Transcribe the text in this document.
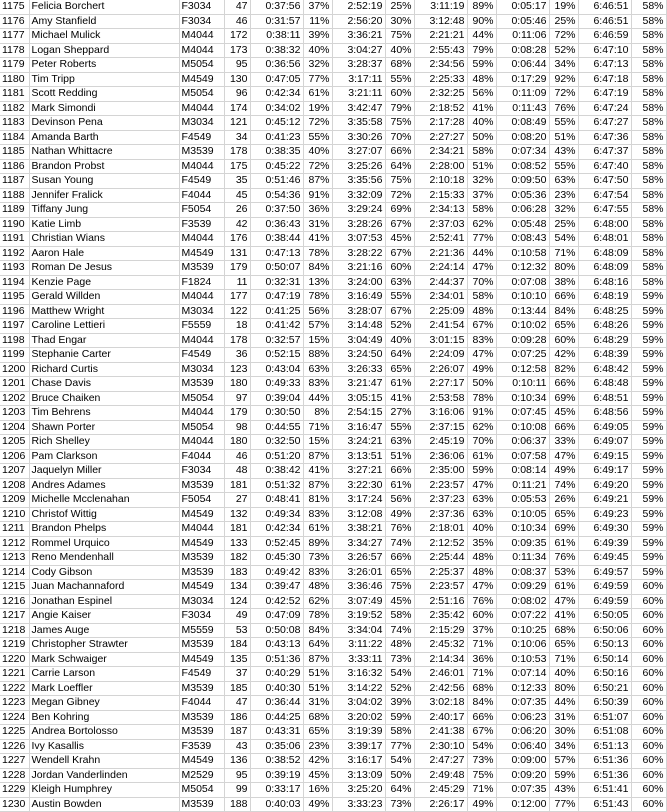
1175	Felicia Borchert	F3034	47	0:37:56	37%	2:52:19	25%	3:11:19	89%	0:05:17	19%	6:46:51	58%
1176	Amy Stanfield	F3034	46	0:31:57	11%	2:56:20	30%	3:12:48	90%	0:05:46	25%	6:46:51	58%
1177	Michael Mulick	M4044	172	0:38:11	39%	3:36:21	75%	2:21:21	44%	0:11:06	72%	6:46:59	58%
1178	Logan Sheppard	M4044	173	0:38:32	40%	3:04:27	40%	2:55:43	79%	0:08:28	52%	6:47:10	58%
1179	Peter Roberts	M5054	95	0:36:56	32%	3:28:37	68%	2:34:56	59%	0:06:44	34%	6:47:13	58%
1180	Tim Tripp	M4549	130	0:47:05	77%	3:17:11	55%	2:25:33	48%	0:17:29	92%	6:47:18	58%
1181	Scott Redding	M5054	96	0:42:34	61%	3:21:11	60%	2:32:25	56%	0:11:09	72%	6:47:19	58%
1182	Mark Simondi	M4044	174	0:34:02	19%	3:42:47	79%	2:18:52	41%	0:11:43	76%	6:47:24	58%
1183	Devinson Pena	M3034	121	0:45:12	72%	3:35:58	75%	2:17:28	40%	0:08:49	55%	6:47:27	58%
1184	Amanda Barth	F4549	34	0:41:23	55%	3:30:26	70%	2:27:27	50%	0:08:20	51%	6:47:36	58%
1185	Nathan Whittacre	M3539	178	0:38:35	40%	3:27:07	66%	2:34:21	58%	0:07:34	43%	6:47:37	58%
1186	Brandon Probst	M4044	175	0:45:22	72%	3:25:26	64%	2:28:00	51%	0:08:52	55%	6:47:40	58%
1187	Susan Young	F4549	35	0:51:46	87%	3:35:56	75%	2:10:18	32%	0:09:50	63%	6:47:50	58%
1188	Jennifer Fralick	F4044	45	0:54:36	91%	3:32:09	72%	2:15:33	37%	0:05:36	23%	6:47:54	58%
1189	Tiffany Jung	F5054	26	0:37:50	36%	3:29:24	69%	2:34:13	58%	0:06:28	32%	6:47:55	58%
1190	Katie Limb	F3539	42	0:36:43	31%	3:28:26	67%	2:37:03	62%	0:05:48	25%	6:48:00	58%
1191	Christian Wians	M4044	176	0:38:44	41%	3:07:53	45%	2:52:41	77%	0:08:43	54%	6:48:01	58%
1192	Aaron Hale	M4549	131	0:47:13	78%	3:28:22	67%	2:21:36	44%	0:10:58	71%	6:48:09	58%
1193	Roman De Jesus	M3539	179	0:50:07	84%	3:21:16	60%	2:24:14	47%	0:12:32	80%	6:48:09	58%
1194	Kenzie Page	F1824	11	0:32:31	13%	3:24:00	63%	2:44:37	70%	0:07:08	38%	6:48:16	58%
1195	Gerald Willden	M4044	177	0:47:19	78%	3:16:49	55%	2:34:01	58%	0:10:10	66%	6:48:19	59%
1196	Matthew Wright	M3034	122	0:41:25	56%	3:28:07	67%	2:25:09	48%	0:13:44	84%	6:48:25	59%
1197	Caroline Lettieri	F5559	18	0:41:42	57%	3:14:48	52%	2:41:54	67%	0:10:02	65%	6:48:26	59%
1198	Thad Engar	M4044	178	0:32:57	15%	3:04:49	40%	3:01:15	83%	0:09:28	60%	6:48:29	59%
1199	Stephanie Carter	F4549	36	0:52:15	88%	3:24:50	64%	2:24:09	47%	0:07:25	42%	6:48:39	59%
1200	Richard Curtis	M3034	123	0:43:04	63%	3:26:33	65%	2:26:07	49%	0:12:58	82%	6:48:42	59%
1201	Chase Davis	M3539	180	0:49:33	83%	3:21:47	61%	2:27:17	50%	0:10:11	66%	6:48:48	59%
1202	Bruce Chaiken	M5054	97	0:39:04	44%	3:05:15	41%	2:53:58	78%	0:10:34	69%	6:48:51	59%
1203	Tim Behrens	M4044	179	0:30:50	8%	2:54:15	27%	3:16:06	91%	0:07:45	45%	6:48:56	59%
1204	Shawn Porter	M5054	98	0:44:55	71%	3:16:47	55%	2:37:15	62%	0:10:08	66%	6:49:05	59%
1205	Rich Shelley	M4044	180	0:32:50	15%	3:24:21	63%	2:45:19	70%	0:06:37	33%	6:49:07	59%
1206	Pam Clarkson	F4044	46	0:51:20	87%	3:13:51	51%	2:36:06	61%	0:07:58	47%	6:49:15	59%
1207	Jaquelyn Miller	F3034	48	0:38:42	41%	3:27:21	66%	2:35:00	59%	0:08:14	49%	6:49:17	59%
1208	Andres Adames	M3539	181	0:51:32	87%	3:22:30	61%	2:23:57	47%	0:11:21	74%	6:49:20	59%
1209	Michelle Mcclenahan	F5054	27	0:48:41	81%	3:17:24	56%	2:37:23	63%	0:05:53	26%	6:49:21	59%
1210	Christof Wittig	M4549	132	0:49:34	83%	3:12:08	49%	2:37:36	63%	0:10:05	65%	6:49:23	59%
1211	Brandon Phelps	M4044	181	0:42:34	61%	3:38:21	76%	2:18:01	40%	0:10:34	69%	6:49:30	59%
1212	Rommel Urquico	M4549	133	0:52:45	89%	3:34:27	74%	2:12:52	35%	0:09:35	61%	6:49:39	59%
1213	Reno Mendenhall	M3539	182	0:45:30	73%	3:26:57	66%	2:25:44	48%	0:11:34	76%	6:49:45	59%
1214	Cody Gibson	M3539	183	0:49:42	83%	3:26:01	65%	2:25:37	48%	0:08:37	53%	6:49:57	59%
1215	Juan Machannaford	M4549	134	0:39:47	48%	3:36:46	75%	2:23:57	47%	0:09:29	61%	6:49:59	60%
1216	Jonathan Espinel	M3034	124	0:42:52	62%	3:07:49	45%	2:51:16	76%	0:08:02	47%	6:49:59	60%
1217	Angie Kaiser	F3034	49	0:47:09	78%	3:19:52	58%	2:35:42	60%	0:07:22	41%	6:50:05	60%
1218	James Auge	M5559	53	0:50:08	84%	3:34:04	74%	2:15:29	37%	0:10:25	68%	6:50:06	60%
1219	Christopher Strawter	M3539	184	0:43:13	64%	3:11:22	48%	2:45:32	71%	0:10:06	65%	6:50:13	60%
1220	Mark Schwaiger	M4549	135	0:51:36	87%	3:33:11	73%	2:14:34	36%	0:10:53	71%	6:50:14	60%
1221	Carrie Larson	F4549	37	0:40:29	51%	3:16:32	54%	2:46:01	71%	0:07:14	40%	6:50:16	60%
1222	Mark Loeffler	M3539	185	0:40:30	51%	3:14:22	52%	2:42:56	68%	0:12:33	80%	6:50:21	60%
1223	Megan Gibney	F4044	47	0:36:44	31%	3:04:02	39%	3:02:18	84%	0:07:35	44%	6:50:39	60%
1224	Ben Kohring	M3539	186	0:44:25	68%	3:20:02	59%	2:40:17	66%	0:06:23	31%	6:51:07	60%
1225	Andrea Bortolosso	M3539	187	0:43:31	65%	3:19:39	58%	2:41:38	67%	0:06:20	30%	6:51:08	60%
1226	Ivy Kasallis	F3539	43	0:35:06	23%	3:39:17	77%	2:30:10	54%	0:06:40	34%	6:51:13	60%
1227	Wendell Krahn	M4549	136	0:38:52	42%	3:16:17	54%	2:47:27	73%	0:09:00	57%	6:51:36	60%
1228	Jordan Vanderlinden	M2529	95	0:39:19	45%	3:13:09	50%	2:49:48	75%	0:09:20	59%	6:51:36	60%
1229	Kleigh Humphrey	M5054	99	0:33:17	16%	3:25:20	64%	2:45:29	71%	0:07:35	43%	6:51:41	60%
1230	Austin Bowden	M3539	188	0:40:03	49%	3:33:23	73%	2:26:17	49%	0:12:00	77%	6:51:43	60%
